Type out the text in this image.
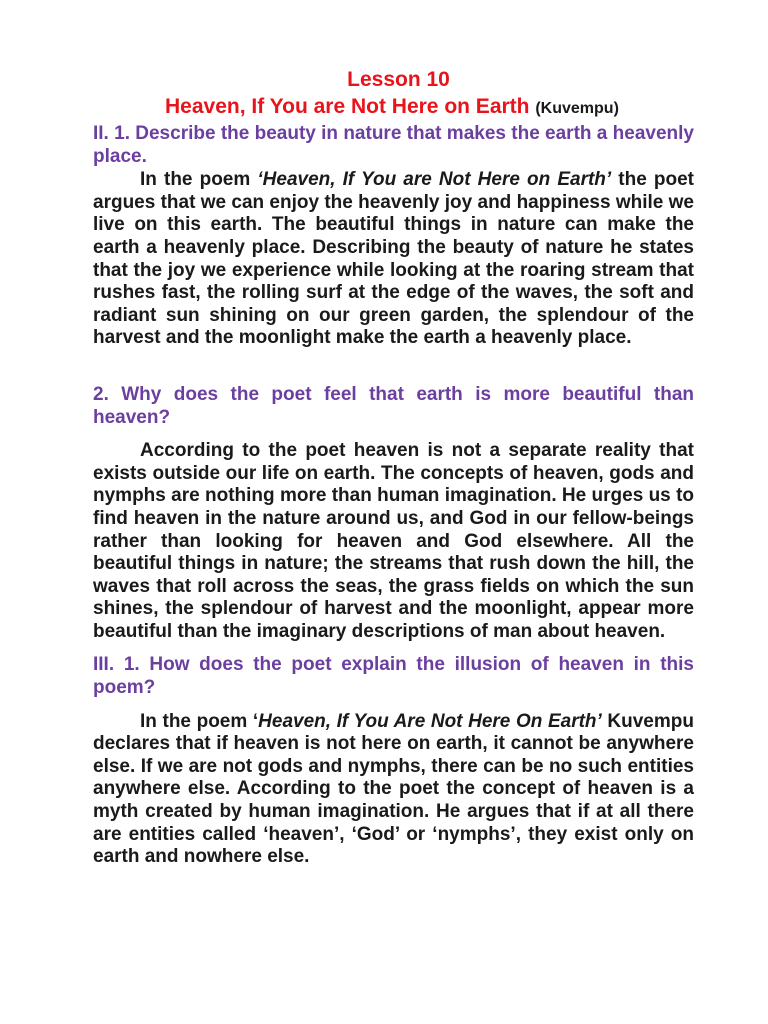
Lesson 10
Heaven, If You are Not Here on Earth (Kuvempu)

II. 1. Describe the beauty in nature that makes the earth a heavenly place.

In the poem ‘Heaven, If You are Not Here on Earth’ the poet argues that we can enjoy the heavenly joy and happiness while we live on this earth. The beautiful things in nature can make the earth a heavenly place. Describing the beauty of nature he states that the joy we experience while looking at the roaring stream that rushes fast, the rolling surf at the edge of the waves, the soft and radiant sun shining on our green garden, the splendour of the harvest and the moonlight make the earth a heavenly place.

2. Why does the poet feel that earth is more beautiful than heaven?

According to the poet heaven is not a separate reality that exists outside our life on earth. The concepts of heaven, gods and nymphs are nothing more than human imagination. He urges us to find heaven in the nature around us, and God in our fellow-beings rather than looking for heaven and God elsewhere. All the beautiful things in nature; the streams that rush down the hill, the waves that roll across the seas, the grass fields on which the sun shines, the splendour of harvest and the moonlight, appear more beautiful than the imaginary descriptions of man about heaven.

III. 1. How does the poet explain the illusion of heaven in this poem?

In the poem ‘Heaven, If You Are Not Here On Earth’ Kuvempu declares that if heaven is not here on earth, it cannot be anywhere else. If we are not gods and nymphs, there can be no such entities anywhere else. According to the poet the concept of heaven is a myth created by human imagination. He argues that if at all there are entities called ‘heaven’, ‘God’ or ‘nymphs’, they exist only on earth and nowhere else.
